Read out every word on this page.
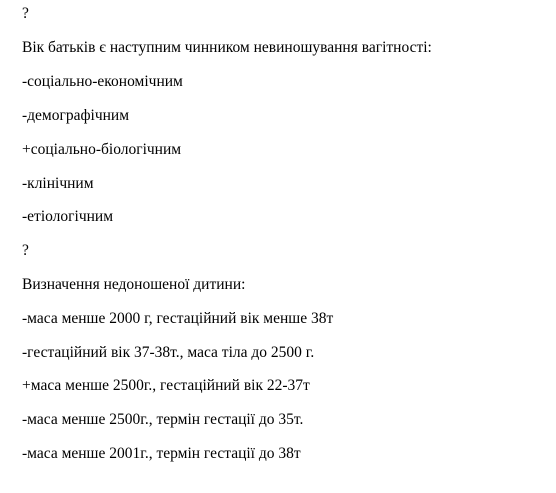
?
Вік батьків є наступним чинником невиношування вагітності:
-соціально-економічним
-демографічним
+соціально-біологічним
-клінічним
-етіологічним
?
Визначення недоношеної дитини:
-маса менше 2000 г, гестаційний вік менше 38т
-гестаційний вік 37-38т., маса тіла до 2500 г.
+маса менше 2500г., гестаційний вік 22-37т
-маса менше 2500г., термін гестації до 35т.
-маса менше 2001г., термін гестації до 38т
